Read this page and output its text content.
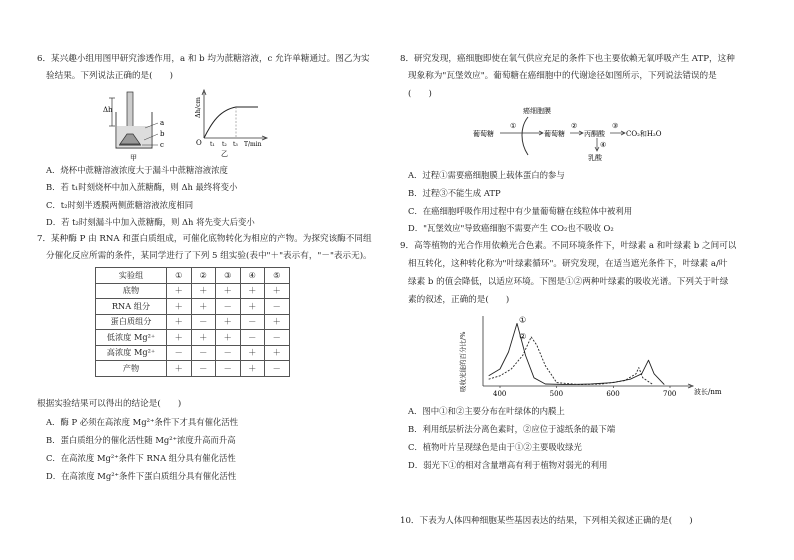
6．某兴趣小组用图甲研究渗透作用，a 和 b 均为蔗糖溶液，c 允许单糖通过。图乙为实
验结果。下列说法正确的是(　　)
Δh
a
b
c
甲
Δh/cm
O t₁ t₂ t₃ T/min
乙
A．烧杯中蔗糖溶液浓度大于漏斗中蔗糖溶液浓度
B．若 t₁时刻烧杯中加入蔗糖酶，则 Δh 最终将变小
C．t₂时刻半透膜两侧蔗糖溶液浓度相同
D．若 t₂时刻漏斗中加入蔗糖酶，则 Δh 将先变大后变小
7．某种酶 P 由 RNA 和蛋白质组成，可催化底物转化为相应的产物。为探究该酶不同组
分催化反应所需的条件，某同学进行了下列 5 组实验(表中"＋"表示有，"－"表示无)。
实验组	①	②	③	④	⑤
底物	＋	＋	＋	＋	＋
RNA 组分	＋	＋	－	＋	－
蛋白质组分	＋	－	＋	－	＋
低浓度 Mg²⁺	＋	＋	＋	－	－
高浓度 Mg²⁺	－	－	－	＋	＋
产物	＋	－	－	＋	－
根据实验结果可以得出的结论是(　　)
A．酶 P 必须在高浓度 Mg²⁺条件下才具有催化活性
B．蛋白质组分的催化活性随 Mg²⁺浓度升高而升高
C．在高浓度 Mg²⁺条件下 RNA 组分具有催化活性
D．在高浓度 Mg²⁺条件下蛋白质组分具有催化活性
8．研究发现，癌细胞即使在氧气供应充足的条件下也主要依赖无氧呼吸产生 ATP，这种
现象称为"瓦堡效应"。葡萄糖在癌细胞中的代谢途径如图所示，下列说法错误的是
(　　)
癌细胞膜
葡萄糖
①
葡萄糖
②
丙酮酸
③
CO₂和H₂O
④
乳酸
A．过程①需要癌细胞膜上载体蛋白的参与
B．过程③不能生成 ATP
C．在癌细胞呼吸作用过程中有少量葡萄糖在线粒体中被利用
D．"瓦堡效应"导致癌细胞不需要产生 CO₂也不吸收 O₂
9．高等植物的光合作用依赖光合色素。不同环境条件下，叶绿素 a 和叶绿素 b 之间可以
相互转化，这种转化称为"叶绿素循环"。研究发现，在适当遮光条件下，叶绿素 a/叶
绿素 b 的值会降低，以适应环境。下图是①②两种叶绿素的吸收光谱。下列关于叶绿
素的叙述，正确的是(　　)
吸收光能的百分比/%
400	500	600	700
①
②
波长/nm
A．图中①和②主要分布在叶绿体的内膜上
B．利用纸层析法分离色素时，②应位于滤纸条的最下端
C．植物叶片呈现绿色是由于①②主要吸收绿光
D．弱光下①的相对含量增高有利于植物对弱光的利用
10．下表为人体四种细胞某些基因表达的结果，下列相关叙述正确的是(　　)
